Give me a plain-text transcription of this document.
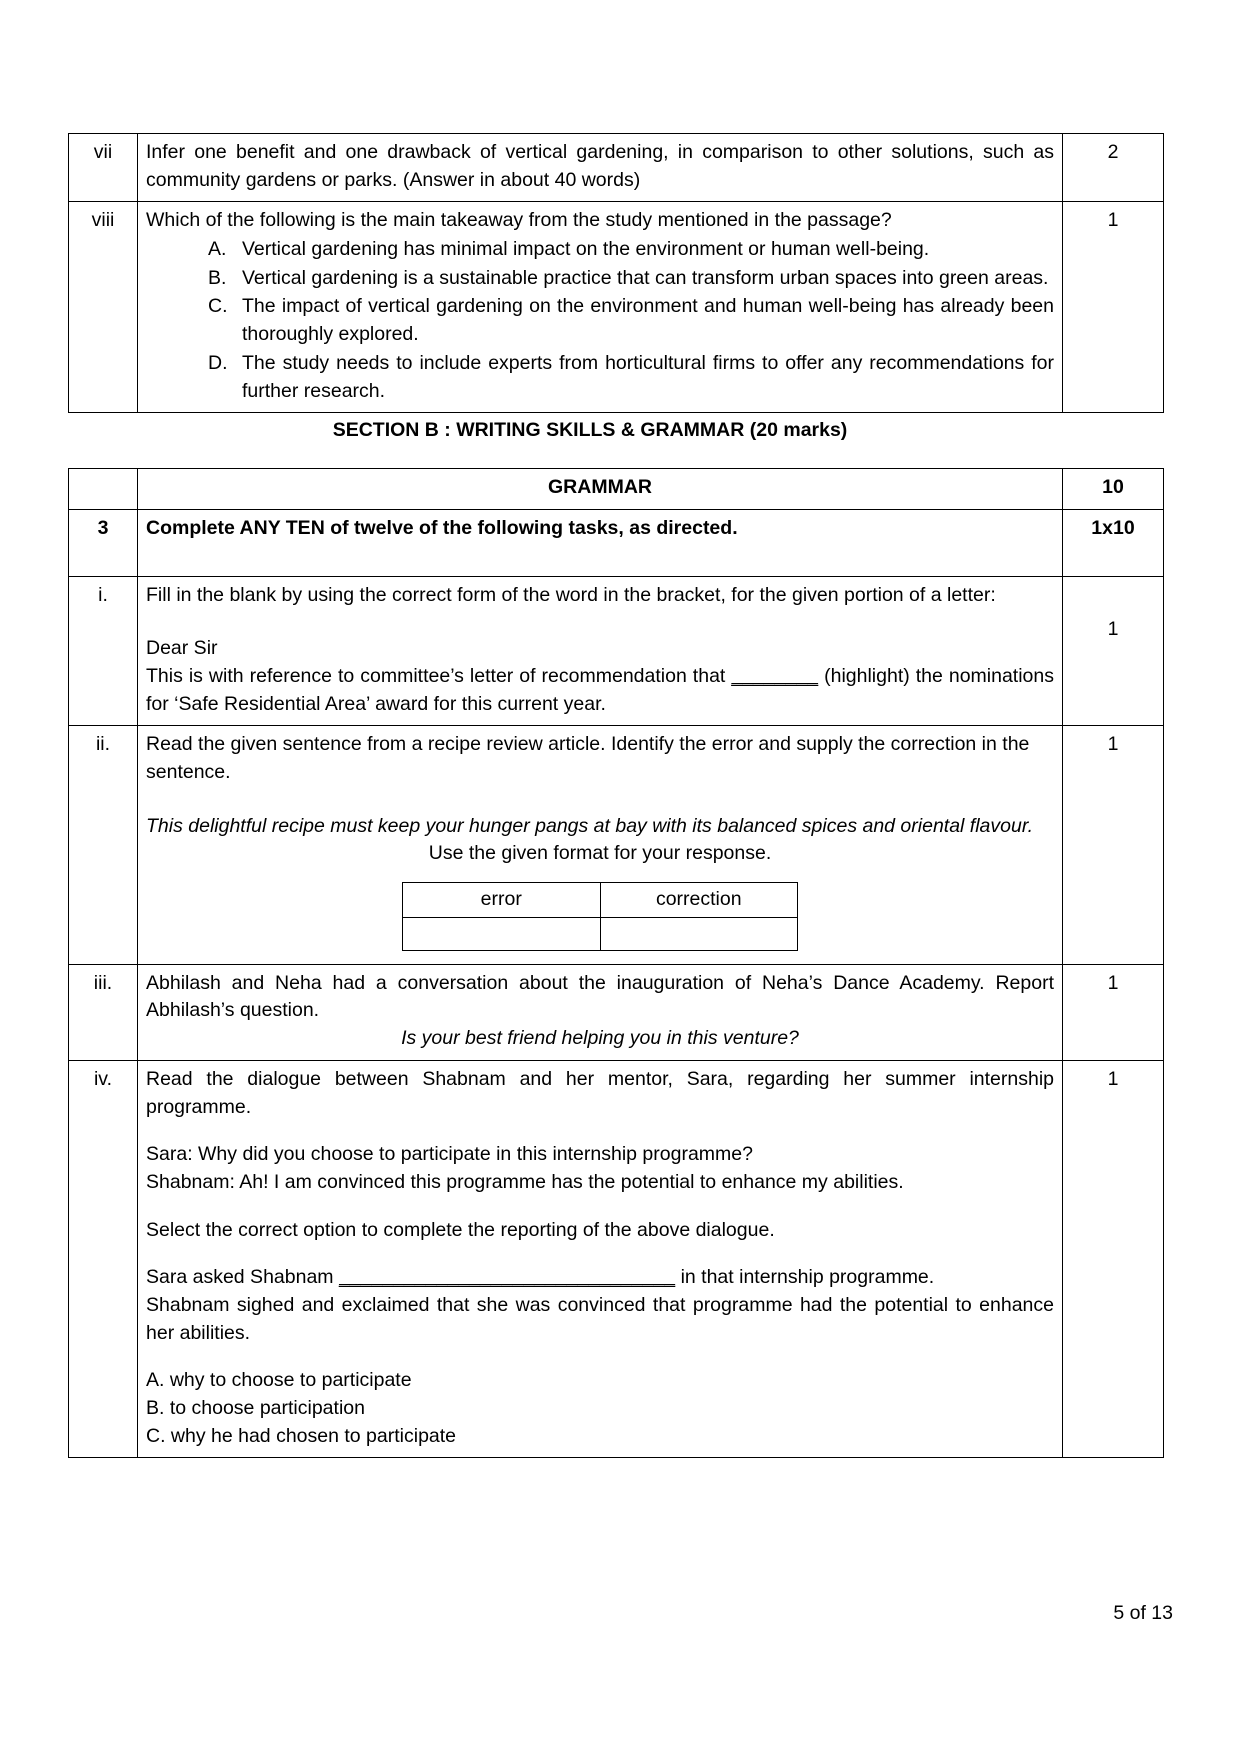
vii	Infer one benefit and one drawback of vertical gardening, in comparison to other solutions, such as community gardens or parks. (Answer in about 40 words)	2
viii	Which of the following is the main takeaway from the study mentioned in the passage?
A. Vertical gardening has minimal impact on the environment or human well-being.
B. Vertical gardening is a sustainable practice that can transform urban spaces into green areas.
C. The impact of vertical gardening on the environment and human well-being has already been thoroughly explored.
D. The study needs to include experts from horticultural firms to offer any recommendations for further research.
	1
SECTION B : WRITING SKILLS & GRAMMAR (20 marks)
	GRAMMAR	10
3	Complete ANY TEN of twelve of the following tasks, as directed.	1x10
i.	Fill in the blank by using the correct form of the word in the bracket, for the given portion of a letter:
Dear Sir
This is with reference to committee’s letter of recommendation that ________ (highlight) the nominations for ‘Safe Residential Area’ award for this current year.

1

ii.	Read the given sentence from a recipe review article. Identify the error and supply the correction in the sentence.
This delightful recipe must keep your hunger pangs at bay with its balanced spices and oriental flavour.
Use the given format for your response.
error	correction

	1
iii.	Abhilash and Neha had a conversation about the inauguration of Neha’s Dance Academy. Report Abhilash’s question.
Is your best friend helping you in this venture?
	1
iv.	Read the dialogue between Shabnam and her mentor, Sara, regarding her summer internship programme.
Sara: Why did you choose to participate in this internship programme?
Shabnam: Ah! I am convinced this programme has the potential to enhance my abilities.
Select the correct option to complete the reporting of the above dialogue.
Sara asked Shabnam _______________________________ in that internship programme.
Shabnam sighed and exclaimed that she was convinced that programme had the potential to enhance her abilities.
A. why to choose to participate
B. to choose participation
C. why he had chosen to participate
	1
5 of 13
